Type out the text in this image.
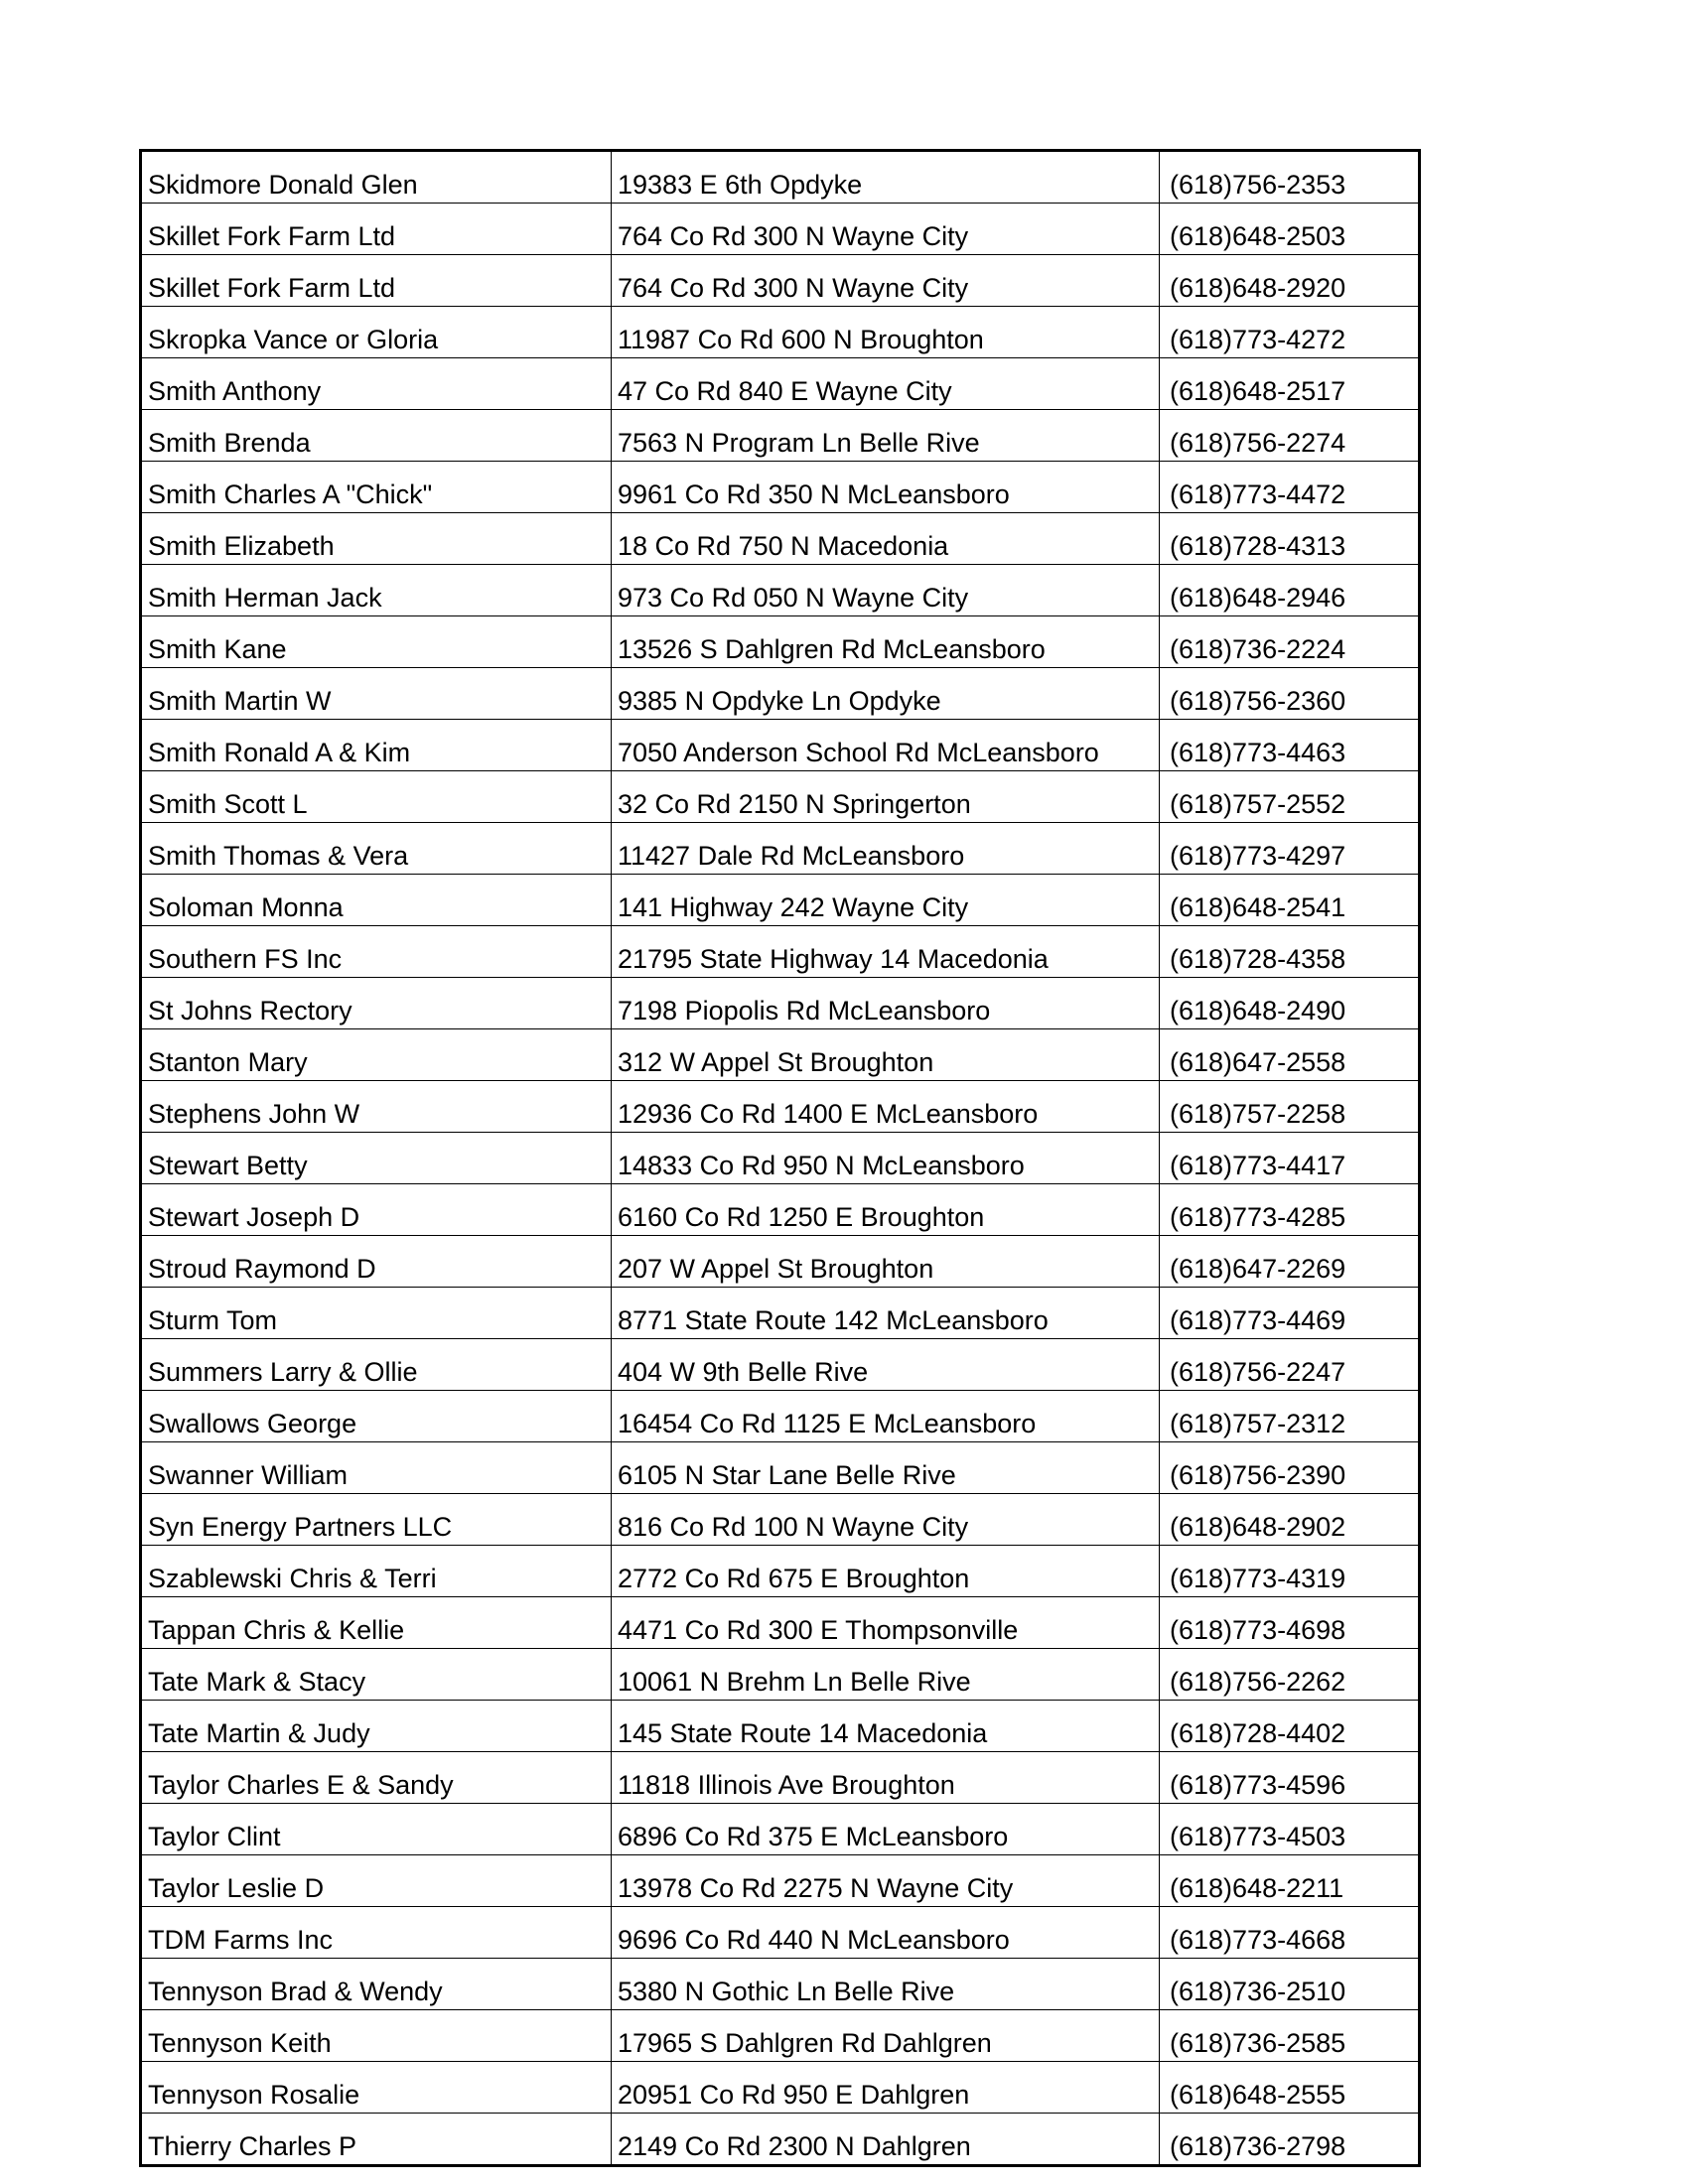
Skidmore Donald Glen	19383 E 6th Opdyke	(618)756-2353
Skillet Fork Farm Ltd	764 Co Rd 300 N Wayne City	(618)648-2503
Skillet Fork Farm Ltd	764 Co Rd 300 N Wayne City	(618)648-2920
Skropka Vance or Gloria	11987 Co Rd 600 N Broughton	(618)773-4272
Smith Anthony	47 Co Rd 840 E Wayne City	(618)648-2517
Smith Brenda	7563 N Program Ln Belle Rive	(618)756-2274
Smith Charles A "Chick"	9961 Co Rd 350 N McLeansboro	(618)773-4472
Smith Elizabeth	18 Co Rd 750 N Macedonia	(618)728-4313
Smith Herman Jack	973 Co Rd 050 N Wayne City	(618)648-2946
Smith Kane	13526 S Dahlgren Rd McLeansboro	(618)736-2224
Smith Martin W	9385 N Opdyke Ln Opdyke	(618)756-2360
Smith Ronald A & Kim	7050 Anderson School Rd McLeansboro	(618)773-4463
Smith Scott L	32 Co Rd 2150 N Springerton	(618)757-2552
Smith Thomas & Vera	11427 Dale Rd McLeansboro	(618)773-4297
Soloman Monna	141 Highway 242 Wayne City	(618)648-2541
Southern FS Inc	21795 State Highway 14 Macedonia	(618)728-4358
St Johns Rectory	7198 Piopolis Rd McLeansboro	(618)648-2490
Stanton Mary	312 W Appel St Broughton	(618)647-2558
Stephens John W	12936 Co Rd 1400 E McLeansboro	(618)757-2258
Stewart Betty	14833 Co Rd 950 N McLeansboro	(618)773-4417
Stewart Joseph D	6160 Co Rd 1250 E Broughton	(618)773-4285
Stroud Raymond D	207 W Appel St Broughton	(618)647-2269
Sturm Tom	8771 State Route 142 McLeansboro	(618)773-4469
Summers Larry & Ollie	404 W 9th Belle Rive	(618)756-2247
Swallows George	16454 Co Rd 1125 E McLeansboro	(618)757-2312
Swanner William	6105 N Star Lane Belle Rive	(618)756-2390
Syn Energy Partners LLC	816 Co Rd 100 N Wayne City	(618)648-2902
Szablewski Chris & Terri	2772 Co Rd 675 E Broughton	(618)773-4319
Tappan Chris & Kellie	4471 Co Rd 300 E Thompsonville	(618)773-4698
Tate Mark & Stacy	10061 N Brehm Ln Belle Rive	(618)756-2262
Tate Martin & Judy	145 State Route 14 Macedonia	(618)728-4402
Taylor Charles E & Sandy	11818 Illinois Ave Broughton	(618)773-4596
Taylor Clint	6896 Co Rd 375 E McLeansboro	(618)773-4503
Taylor Leslie D	13978 Co Rd 2275 N Wayne City	(618)648-2211
TDM Farms Inc	9696 Co Rd 440 N McLeansboro	(618)773-4668
Tennyson Brad & Wendy	5380 N Gothic Ln Belle Rive	(618)736-2510
Tennyson Keith	17965 S Dahlgren Rd Dahlgren	(618)736-2585
Tennyson Rosalie	20951 Co Rd 950 E Dahlgren	(618)648-2555
Thierry Charles P	2149 Co Rd 2300 N Dahlgren	(618)736-2798
